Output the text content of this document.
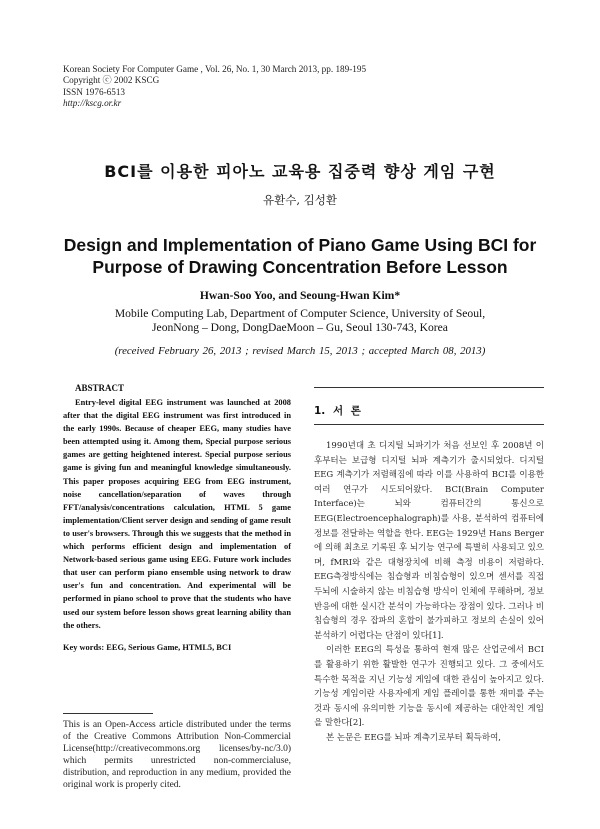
Korean Society For Computer Game , Vol. 26, No. 1, 30 March 2013, pp. 189-195
Copyright ⓒ 2002 KSCG
ISSN 1976-6513
http://kscg.or.kr
BCI를 이용한 피아노 교육용 집중력 향상 게임 구현
유환수, 김성환
Design and Implementation of Piano Game Using BCI for
Purpose of Drawing Concentration Before Lesson
Hwan-Soo Yoo, and Seoung-Hwan Kim*
Mobile Computing Lab, Department of Computer Science, University of Seoul,
JeonNong – Dong, DongDaeMoon – Gu, Seoul 130-743, Korea
(received February 26, 2013 ; revised March 15, 2013 ; accepted March 08, 2013)
ABSTRACT
Entry-level digital EEG instrument was launched at 2008 after that the digital EEG instrument was first introduced in the early 1990s. Because of cheaper EEG, many studies have been attempted using it. Among them, Special purpose serious games are getting heightened interest. Special purpose serious game is giving fun and meaningful knowledge simultaneously. This paper proposes acquiring EEG from EEG instrument, noise cancellation/separation of waves through FFT/analysis/concentrations calculation, HTML 5 game implementation/Client server design and sending of game result to user's browsers. Through this we suggests that the method in which performs efficient design and implementation of Network-based serious game using EEG. Future work includes that user can perform piano ensemble using network to draw user's fun and concentration. And experimental will be performed in piano school to prove that the students who have used our system before lesson shows great learning ability than the others.
Key words: EEG, Serious Game, HTML5, BCI
This is an Open-Access article distributed under the terms of the Creative Commons Attribution Non-Commercial License(http://creativecommons.org licenses/by-nc/3.0) which permits unrestricted non-commercialuse, distribution, and reproduction in any medium, provided the original work is properly cited.
1. 서 론

1990년대 초 디지털 뇌파기가 처음 선보인 후 2008년 이후부터는 보급형 디지털 뇌파 계측기가 출시되었다. 디지털 EEG 계측기가 저렴해짐에 따라 이를 사용하여 BCI를 이용한 여러 연구가 시도되어왔다. BCI(Brain Computer Interface)는 뇌와 컴퓨터간의 통신으로 EEG(Electroencephalograph)를 사용, 분석하여 컴퓨터에 정보를 전달하는 역할을 한다. EEG는 1929년 Hans Berger에 의해 최초로 기록된 후 뇌기능 연구에 특별히 사용되고 있으며, fMRI와 같은 대형장치에 비해 측정 비용이 저렴하다. EEG측정방식에는 침습형과 비침습형이 있으며 센서를 직접 두뇌에 시술하지 않는 비침습형 방식이 인체에 무해하며, 정보 반응에 대한 실시간 분석이 가능하다는 장점이 있다. 그러나 비침습형의 경우 잡파의 혼합이 불가피하고 정보의 손실이 있어 분석하기 어렵다는 단점이 있다[1].

이러한 EEG의 특성을 통하여 현재 많은 산업군에서 BCI를 활용하기 위한 활발한 연구가 진행되고 있다. 그 중에서도 특수한 목적을 지닌 기능성 게임에 대한 관심이 높아지고 있다. 기능성 게임이란 사용자에게 게임 플레이를 통한 재미를 주는 것과 동시에 유의미한 기능을 동시에 제공하는 대안적인 게임을 말한다[2].

본 논문은 EEG를 뇌파 계측기로부터 획득하여,
